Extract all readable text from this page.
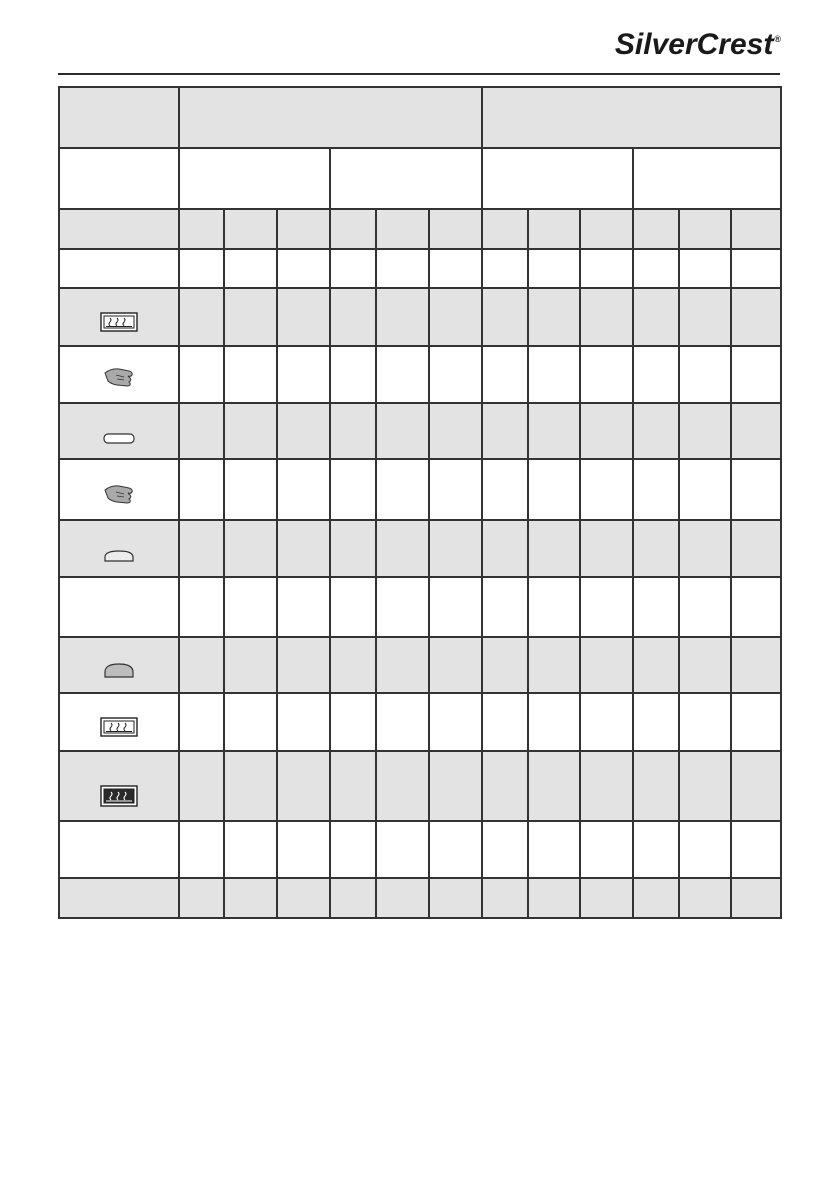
SilverCrest®
